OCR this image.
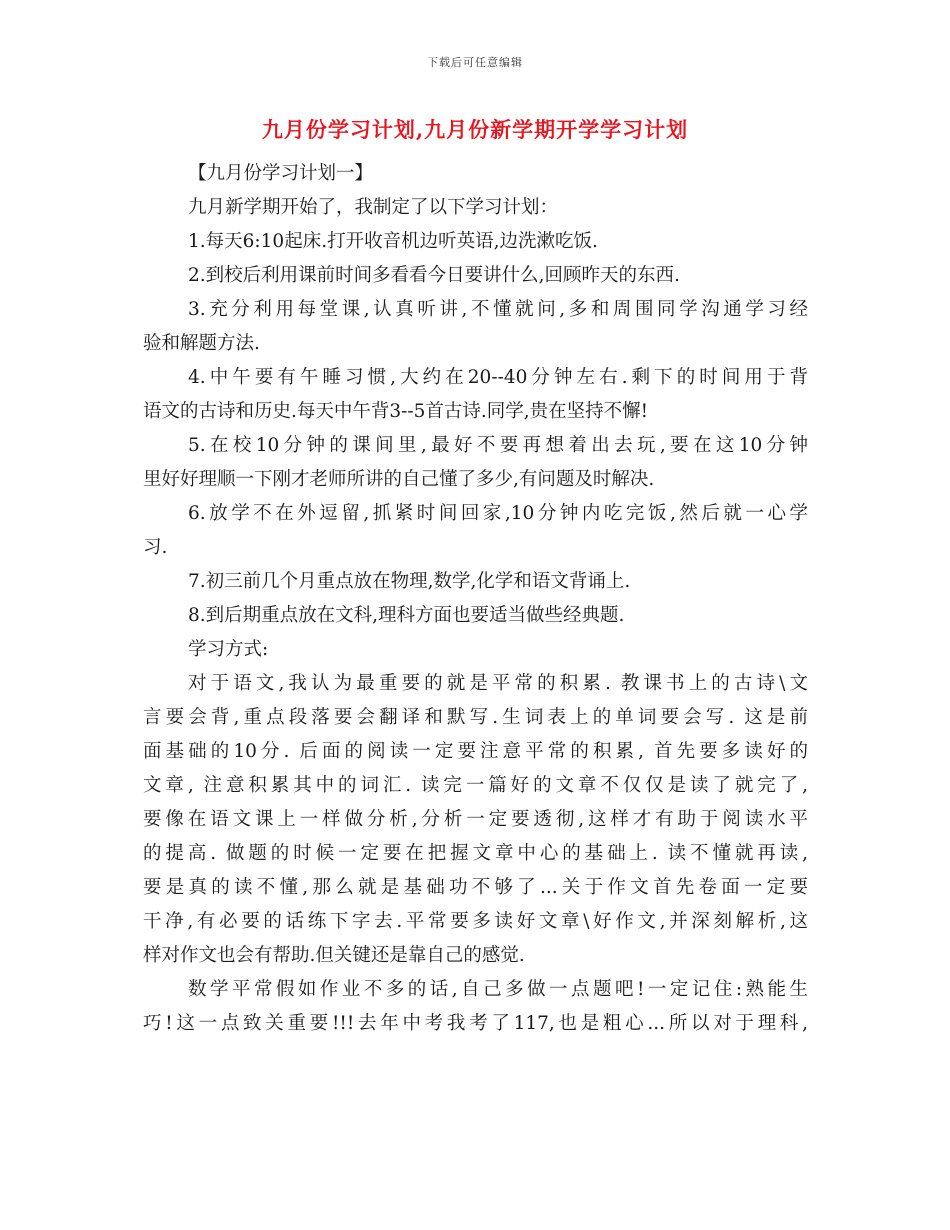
下载后可任意编辑
九月份学习计划,九月份新学期开学学习计划
【九月份学习计划一】
九月新学期开始了，我制定了以下学习计划：
1.每天6:10起床.打开收音机边听英语,边洗漱吃饭.
2.到校后利用课前时间多看看今日要讲什么,回顾昨天的东西.
3.充分利用每堂课,认真听讲,不懂就问,多和周围同学沟通学习经
验和解题方法.
4.中午要有午睡习惯,大约在20--40分钟左右.剩下的时间用于背
语文的古诗和历史.每天中午背3--5首古诗.同学,贵在坚持不懈!
5.在校10分钟的课间里,最好不要再想着出去玩,要在这10分钟
里好好理顺一下刚才老师所讲的自己懂了多少,有问题及时解决.
6.放学不在外逗留,抓紧时间回家,10分钟内吃完饭,然后就一心学
习.
7.初三前几个月重点放在物理,数学,化学和语文背诵上.
8.到后期重点放在文科,理科方面也要适当做些经典题.
学习方式:
对于语文,我认为最重要的就是平常的积累. 教课书上的古诗\文
言要会背,重点段落要会翻译和默写.生词表上的单词要会写. 这是前
面基础的10分. 后面的阅读一定要注意平常的积累, 首先要多读好的
文章, 注意积累其中的词汇. 读完一篇好的文章不仅仅是读了就完了,
要像在语文课上一样做分析,分析一定要透彻,这样才有助于阅读水平
的提高. 做题的时候一定要在把握文章中心的基础上. 读不懂就再读,
要是真的读不懂,那么就是基础功不够了...关于作文首先卷面一定要
干净,有必要的话练下字去.平常要多读好文章\好作文,并深刻解析,这
样对作文也会有帮助.但关键还是靠自己的感觉.
数学平常假如作业不多的话,自己多做一点题吧!一定记住:熟能生
巧!这一点致关重要!!!去年中考我考了117,也是粗心...所以对于理科,
